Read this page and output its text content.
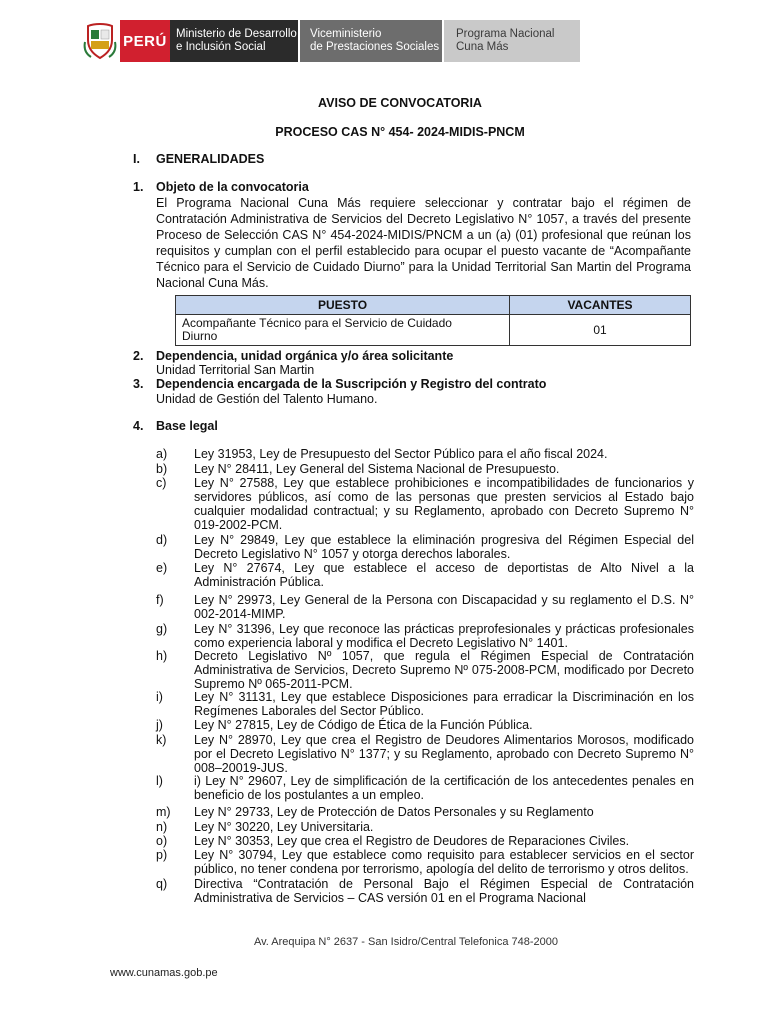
PERÚ Ministerio de Desarrollo
e Inclusión Social
Viceministerio
de Prestaciones Sociales
Programa Nacional
Cuna Más
AVISO DE CONVOCATORIA
PROCESO CAS N° 454- 2024-MIDIS-PNCM
I. GENERALIDADES
1. Objeto de la convocatoria
El Programa Nacional Cuna Más requiere seleccionar y contratar bajo el régimen de Contratación Administrativa de Servicios del Decreto Legislativo N° 1057, a través del presente Proceso de Selección CAS N° 454-2024-MIDIS/PNCM a un (a) (01) profesional que reúnan los requisitos y cumplan con el perfil establecido para ocupar el puesto vacante de “Acompañante Técnico para el Servicio de Cuidado Diurno” para la Unidad Territorial San Martin del Programa Nacional Cuna Más.
PUESTO	VACANTES

Acompañante Técnico para el Servicio de Cuidado Diurno	01
2. Dependencia, unidad orgánica y/o área solicitante
Unidad Territorial San Martin
3. Dependencia encargada de la Suscripción y Registro del contrato
Unidad de Gestión del Talento Humano.
4. Base legal
a)	Ley 31953, Ley de Presupuesto del Sector Público para el año fiscal 2024.
b)	Ley N° 28411, Ley General del Sistema Nacional de Presupuesto.
c)	Ley N° 27588, Ley que establece prohibiciones e incompatibilidades de funcionarios y servidores públicos, así como de las personas que presten servicios al Estado bajo cualquier modalidad contractual; y su Reglamento, aprobado con Decreto Supremo N° 019-2002-PCM.
d)	Ley N° 29849, Ley que establece la eliminación progresiva del Régimen Especial del Decreto Legislativo N° 1057 y otorga derechos laborales.
e)	Ley N° 27674, Ley que establece el acceso de deportistas de Alto Nivel a la Administración Pública.
f)	Ley N° 29973, Ley General de la Persona con Discapacidad y su reglamento el D.S. N° 002-2014-MIMP.
g)	Ley N° 31396, Ley que reconoce las prácticas preprofesionales y prácticas profesionales como experiencia laboral y modifica el Decreto Legislativo N° 1401.
h)	Decreto Legislativo Nº 1057, que regula el Régimen Especial de Contratación Administrativa de Servicios, Decreto Supremo Nº 075-2008-PCM, modificado por Decreto Supremo Nº 065-2011-PCM.
i)	Ley N° 31131, Ley que establece Disposiciones para erradicar la Discriminación en los Regímenes Laborales del Sector Público.
j)	Ley N° 27815, Ley de Código de Ética de la Función Pública.
k)	Ley N° 28970, Ley que crea el Registro de Deudores Alimentarios Morosos, modificado por el Decreto Legislativo N° 1377; y su Reglamento, aprobado con Decreto Supremo N° 008–20019-JUS.
l)	i) Ley N° 29607, Ley de simplificación de la certificación de los antecedentes penales en beneficio de los postulantes a un empleo.
m)	Ley N° 29733, Ley de Protección de Datos Personales y su Reglamento
n)	Ley N° 30220, Ley Universitaria.
o)	Ley N° 30353, Ley que crea el Registro de Deudores de Reparaciones Civiles.
p)	Ley N° 30794, Ley que establece como requisito para establecer servicios en el sector público, no tener condena por terrorismo, apología del delito de terrorismo y otros delitos.
q)	Directiva “Contratación de Personal Bajo el Régimen Especial de Contratación Administrativa de Servicios – CAS versión 01 en el Programa Nacional
Av. Arequipa N° 2637 - San Isidro/Central Telefonica 748-2000
www.cunamas.gob.pe
